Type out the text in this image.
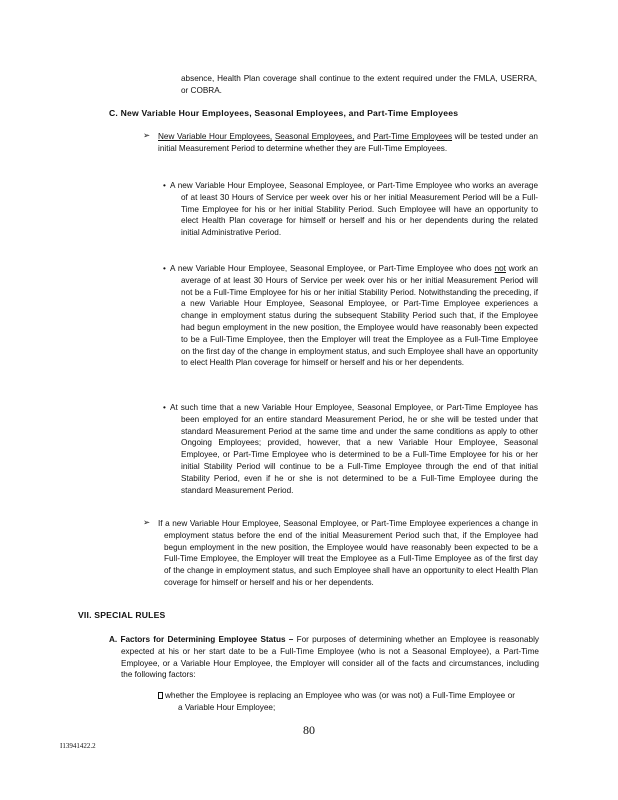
absence, Health Plan coverage shall continue to the extent required under the FMLA, USERRA, or COBRA.

C. New Variable Hour Employees, Seasonal Employees, and Part-Time Employees
➢ New Variable Hour Employees, Seasonal Employees, and Part-Time Employees will be tested under an initial Measurement Period to determine whether they are Full-Time Employees.

• A new Variable Hour Employee, Seasonal Employee, or Part-Time Employee who works an average of at least 30 Hours of Service per week over his or her initial Measurement Period will be a Full-Time Employee for his or her initial Stability Period. Such Employee will have an opportunity to elect Health Plan coverage for himself or herself and his or her dependents during the related initial Administrative Period.

• A new Variable Hour Employee, Seasonal Employee, or Part-Time Employee who does not work an average of at least 30 Hours of Service per week over his or her initial Measurement Period will not be a Full-Time Employee for his or her initial Stability Period. Notwithstanding the preceding, if a new Variable Hour Employee, Seasonal Employee, or Part-Time Employee experiences a change in employment status during the subsequent Stability Period such that, if the Employee had begun employment in the new position, the Employee would have reasonably been expected to be a Full-Time Employee, then the Employer will treat the Employee as a Full-Time Employee on the first day of the change in employment status, and such Employee shall have an opportunity to elect Health Plan coverage for himself or herself and his or her dependents.

• At such time that a new Variable Hour Employee, Seasonal Employee, or Part-Time Employee has been employed for an entire standard Measurement Period, he or she will be tested under that standard Measurement Period at the same time and under the same conditions as apply to other Ongoing Employees; provided, however, that a new Variable Hour Employee, Seasonal Employee, or Part-Time Employee who is determined to be a Full-Time Employee for his or her initial Stability Period will continue to be a Full-Time Employee through the end of that initial Stability Period, even if he or she is not determined to be a Full-Time Employee during the standard Measurement Period.

➢ If a new Variable Hour Employee, Seasonal Employee, or Part-Time Employee experiences a change in employment status before the end of the initial Measurement Period such that, if the Employee had begun employment in the new position, the Employee would have reasonably been expected to be a Full-Time Employee, the Employer will treat the Employee as a Full-Time Employee as of the first day of the change in employment status, and such Employee shall have an opportunity to elect Health Plan coverage for himself or herself and his or her dependents.

VII. SPECIAL RULES

A. Factors for Determining Employee Status – For purposes of determining whether an Employee is reasonably expected at his or her start date to be a Full-Time Employee (who is not a Seasonal Employee), a Part-Time Employee, or a Variable Hour Employee, the Employer will consider all of the facts and circumstances, including the following factors:

whether the Employee is replacing an Employee who was (or was not) a Full-Time Employee or a Variable Hour Employee;

80
I13941422.2
